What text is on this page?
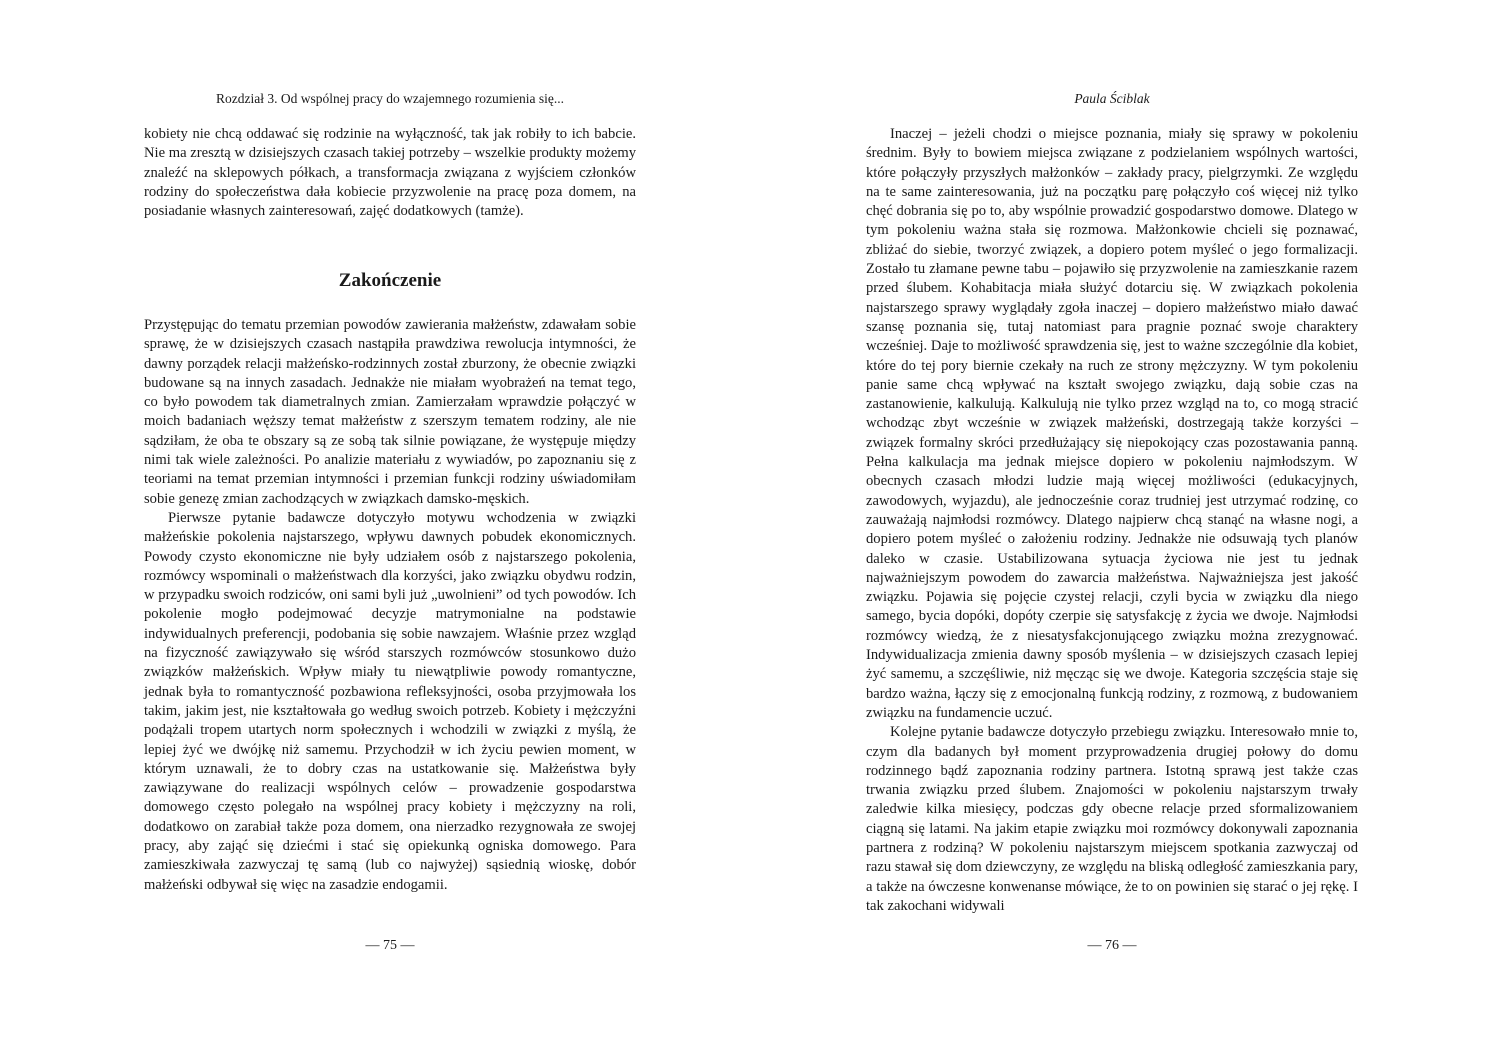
Rozdział 3. Od wspólnej pracy do wzajemnego rozumienia się...

kobiety nie chcą oddawać się rodzinie na wyłączność, tak jak robiły to ich babcie. Nie ma zresztą w dzisiejszych czasach takiej potrzeby – wszelkie produkty możemy znaleźć na sklepowych półkach, a transformacja związana z wyjściem członków rodziny do społeczeństwa dała kobiecie przyzwolenie na pracę poza domem, na posiadanie własnych zainteresowań, zajęć dodatkowych (tamże).

Zakończenie

Przystępując do tematu przemian powodów zawierania małżeństw, zdawałam sobie sprawę, że w dzisiejszych czasach nastąpiła prawdziwa rewolucja intymności, że dawny porządek relacji małżeńsko-rodzinnych został zburzony, że obecnie związki budowane są na innych zasadach. Jednakże nie miałam wyobrażeń na temat tego, co było powodem tak diametralnych zmian. Zamierzałam wprawdzie połączyć w moich badaniach węższy temat małżeństw z szerszym tematem rodziny, ale nie sądziłam, że oba te obszary są ze sobą tak silnie powiązane, że występuje między nimi tak wiele zależności. Po analizie materiału z wywiadów, po zapoznaniu się z teoriami na temat przemian intymności i przemian funkcji rodziny uświadomiłam sobie genezę zmian zachodzących w związkach damsko-męskich.

Pierwsze pytanie badawcze dotyczyło motywu wchodzenia w związki małżeńskie pokolenia najstarszego, wpływu dawnych pobudek ekonomicznych. Powody czysto ekonomiczne nie były udziałem osób z najstarszego pokolenia, rozmówcy wspominali o małżeństwach dla korzyści, jako związku obydwu rodzin, w przypadku swoich rodziców, oni sami byli już „uwolnieni” od tych powodów. Ich pokolenie mogło podejmować decyzje matrymonialne na podstawie indywidualnych preferencji, podobania się sobie nawzajem. Właśnie przez wzgląd na fizyczność zawiązywało się wśród starszych rozmówców stosunkowo dużo związków małżeńskich. Wpływ miały tu niewątpliwie powody romantyczne, jednak była to romantyczność pozbawiona refleksyjności, osoba przyjmowała los takim, jakim jest, nie kształtowała go według swoich potrzeb. Kobiety i mężczyźni podążali tropem utartych norm społecznych i wchodzili w związki z myślą, że lepiej żyć we dwójkę niż samemu. Przychodził w ich życiu pewien moment, w którym uznawali, że to dobry czas na ustatkowanie się. Małżeństwa były zawiązywane do realizacji wspólnych celów – prowadzenie gospodarstwa domowego często polegało na wspólnej pracy kobiety i mężczyzny na roli, dodatkowo on zarabiał także poza domem, ona nierzadko rezygnowała ze swojej pracy, aby zająć się dziećmi i stać się opiekunką ogniska domowego. Para zamieszkiwała zazwyczaj tę samą (lub co najwyżej) sąsiednią wioskę, dobór małżeński odbywał się więc na zasadzie endogamii.

— 75 —
Paula Ściblak

Inaczej – jeżeli chodzi o miejsce poznania, miały się sprawy w pokoleniu średnim. Były to bowiem miejsca związane z podzielaniem wspólnych wartości, które połączyły przyszłych małżonków – zakłady pracy, pielgrzymki. Ze względu na te same zainteresowania, już na początku parę połączyło coś więcej niż tylko chęć dobrania się po to, aby wspólnie prowadzić gospodarstwo domowe. Dlatego w tym pokoleniu ważna stała się rozmowa. Małżonkowie chcieli się poznawać, zbliżać do siebie, tworzyć związek, a dopiero potem myśleć o jego formalizacji. Zostało tu złamane pewne tabu – pojawiło się przyzwolenie na zamieszkanie razem przed ślubem. Kohabitacja miała służyć dotarciu się. W związkach pokolenia najstarszego sprawy wyglądały zgoła inaczej – dopiero małżeństwo miało dawać szansę poznania się, tutaj natomiast para pragnie poznać swoje charaktery wcześniej. Daje to możliwość sprawdzenia się, jest to ważne szczególnie dla kobiet, które do tej pory biernie czekały na ruch ze strony mężczyzny. W tym pokoleniu panie same chcą wpływać na kształt swojego związku, dają sobie czas na zastanowienie, kalkulują. Kalkulują nie tylko przez wzgląd na to, co mogą stracić wchodząc zbyt wcześnie w związek małżeński, dostrzegają także korzyści – związek formalny skróci przedłużający się niepokojący czas pozostawania panną. Pełna kalkulacja ma jednak miejsce dopiero w pokoleniu najmłodszym. W obecnych czasach młodzi ludzie mają więcej możliwości (edukacyjnych, zawodowych, wyjazdu), ale jednocześnie coraz trudniej jest utrzymać rodzinę, co zauważają najmłodsi rozmówcy. Dlatego najpierw chcą stanąć na własne nogi, a dopiero potem myśleć o założeniu rodziny. Jednakże nie odsuwają tych planów daleko w czasie. Ustabilizowana sytuacja życiowa nie jest tu jednak najważniejszym powodem do zawarcia małżeństwa. Najważniejsza jest jakość związku. Pojawia się pojęcie czystej relacji, czyli bycia w związku dla niego samego, bycia dopóki, dopóty czerpie się satysfakcję z życia we dwoje. Najmłodsi rozmówcy wiedzą, że z niesatysfakcjonującego związku można zrezygnować. Indywidualizacja zmienia dawny sposób myślenia – w dzisiejszych czasach lepiej żyć samemu, a szczęśliwie, niż męcząc się we dwoje. Kategoria szczęścia staje się bardzo ważna, łączy się z emocjonalną funkcją rodziny, z rozmową, z budowaniem związku na fundamencie uczuć.

Kolejne pytanie badawcze dotyczyło przebiegu związku. Interesowało mnie to, czym dla badanych był moment przyprowadzenia drugiej połowy do domu rodzinnego bądź zapoznania rodziny partnera. Istotną sprawą jest także czas trwania związku przed ślubem. Znajomości w pokoleniu najstarszym trwały zaledwie kilka miesięcy, podczas gdy obecne relacje przed sformalizowaniem ciągną się latami. Na jakim etapie związku moi rozmówcy dokonywali zapoznania partnera z rodziną? W pokoleniu najstarszym miejscem spotkania zazwyczaj od razu stawał się dom dziewczyny, ze względu na bliską odległość zamieszkania pary, a także na ówczesne konwenanse mówiące, że to on powinien się starać o jej rękę. I tak zakochani widywali

— 76 —
